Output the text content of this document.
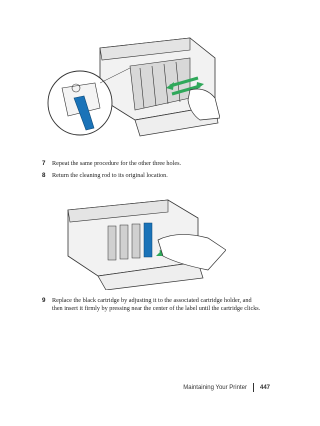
7 Repeat the same procedure for the other three holes.
8 Return the cleaning rod to its original location.
9 Replace the black cartridge by adjusting it to the associated cartridge holder, and then insert it firmly by pressing near the center of the label until the cartridge clicks.
Maintaining Your Printer 447
